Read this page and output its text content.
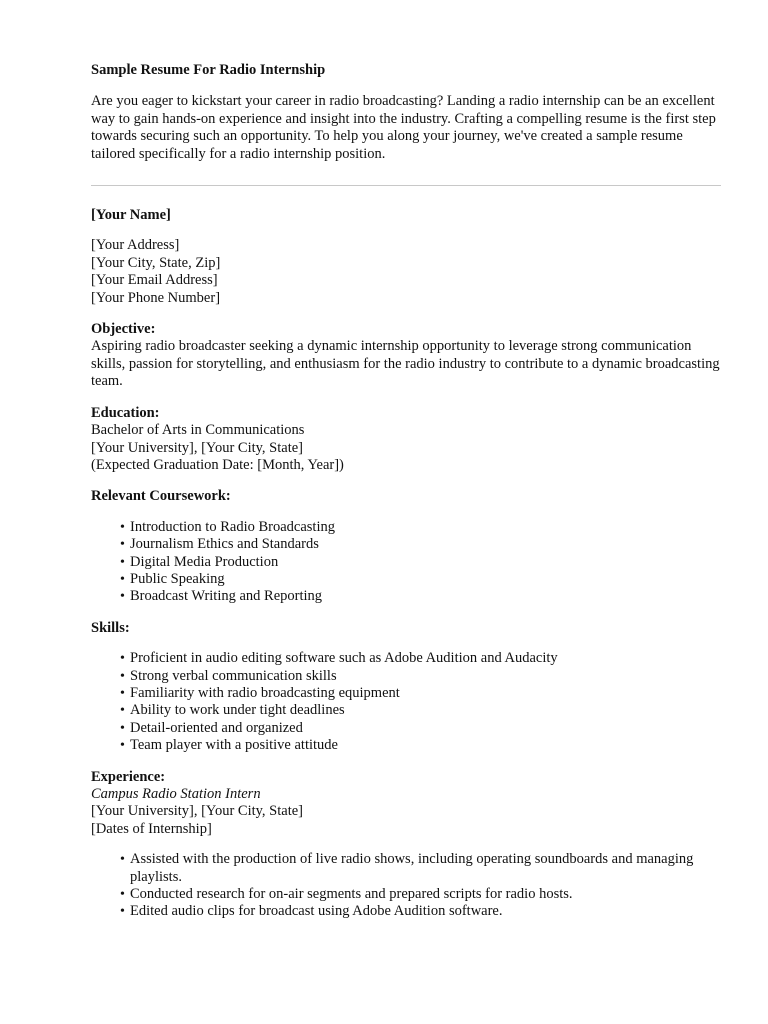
Sample Resume For Radio Internship

Are you eager to kickstart your career in radio broadcasting? Landing a radio internship can be an excellent way to gain hands-on experience and insight into the industry. Crafting a compelling resume is the first step towards securing such an opportunity. To help you along your journey, we've created a sample resume tailored specifically for a radio internship position.

[Your Name]

[Your Address]
[Your City, State, Zip]
[Your Email Address]
[Your Phone Number]
Objective:
Aspiring radio broadcaster seeking a dynamic internship opportunity to leverage strong communication skills, passion for storytelling, and enthusiasm for the radio industry to contribute to a dynamic broadcasting team.
Education:
Bachelor of Arts in Communications
[Your University], [Your City, State]
(Expected Graduation Date: [Month, Year])
Relevant Coursework:
• Introduction to Radio Broadcasting
• Journalism Ethics and Standards
• Digital Media Production
• Public Speaking
• Broadcast Writing and Reporting
Skills:
• Proficient in audio editing software such as Adobe Audition and Audacity
• Strong verbal communication skills
• Familiarity with radio broadcasting equipment
• Ability to work under tight deadlines
• Detail-oriented and organized
• Team player with a positive attitude
Experience:
Campus Radio Station Intern
[Your University], [Your City, State]
[Dates of Internship]
• Assisted with the production of live radio shows, including operating soundboards and managing playlists.
• Conducted research for on-air segments and prepared scripts for radio hosts.
• Edited audio clips for broadcast using Adobe Audition software.
